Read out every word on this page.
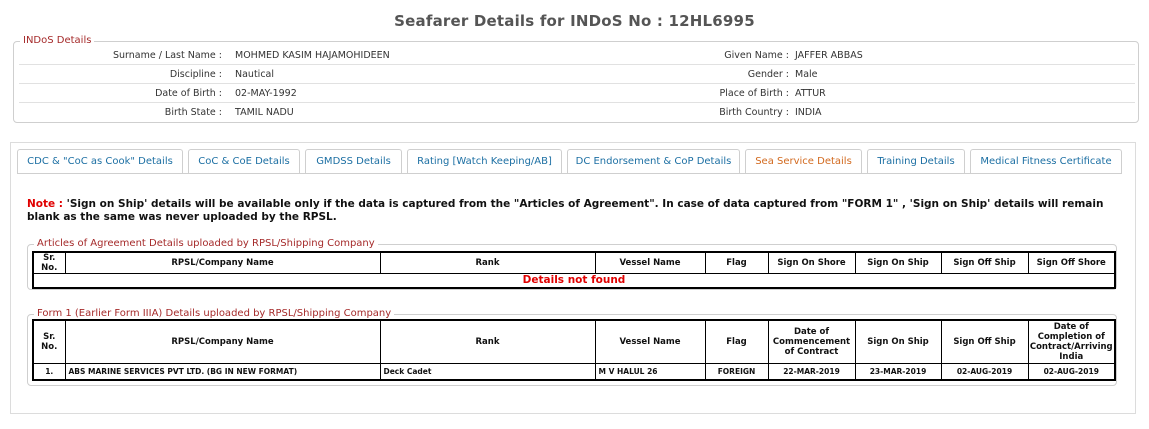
Seafarer Details for INDoS No : 12HL6995
INDoS Details
Surname / Last Name : MOHMED KASIM HAJAMOHIDEEN	Given Name : JAFFER ABBAS
Discipline : Nautical	Gender : Male
Date of Birth : 02-MAY-1992	Place of Birth : ATTUR
Birth State : TAMIL NADU	Birth Country : INDIA
CDC & "CoC as Cook" Details	CoC & CoE Details	GMDSS Details	Rating [Watch Keeping/AB]	DC Endorsement & CoP Details	Sea Service Details	Training Details	Medical Fitness Certificate
Note : 'Sign on Ship' details will be available only if the data is captured from the "Articles of Agreement". In case of data captured from "FORM 1" , 'Sign on Ship' details will remain blank as the same was never uploaded by the RPSL.
Articles of Agreement Details uploaded by RPSL/Shipping Company
Sr. No.	RPSL/Company Name	Rank	Vessel Name	Flag	Sign On Shore	Sign On Ship	Sign Off Ship	Sign Off Shore
Details not found
Form 1 (Earlier Form IIIA) Details uploaded by RPSL/Shipping Company
Sr. No.	RPSL/Company Name	Rank	Vessel Name	Flag	Date of Commencement of Contract	Sign On Ship	Sign Off Ship	Date of Completion of Contract/Arriving India
1.	ABS MARINE SERVICES PVT LTD. (BG IN NEW FORMAT)	Deck Cadet	M V HALUL 26	FOREIGN	22-MAR-2019	23-MAR-2019	02-AUG-2019	02-AUG-2019
